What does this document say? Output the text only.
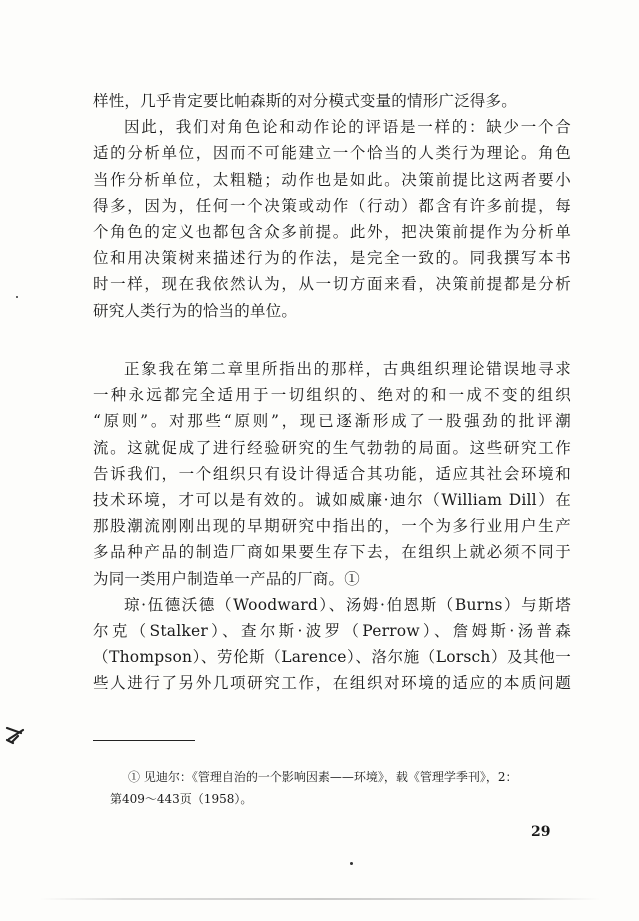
样性，几乎肯定要比帕森斯的对分模式变量的情形广泛得多。

因此，我们对角色论和动作论的评语是一样的：缺少一个合
适的分析单位，因而不可能建立一个恰当的人类行为理论。角色
当作分析单位，太粗糙；动作也是如此。决策前提比这两者要小
得多，因为，任何一个决策或动作（行动）都含有许多前提，每
个角色的定义也都包含众多前提。此外，把决策前提作为分析单
位和用决策树来描述行为的作法，是完全一致的。同我撰写本书
时一样，现在我依然认为，从一切方面来看，决策前提都是分析
研究人类行为的恰当的单位。

正象我在第二章里所指出的那样，古典组织理论错误地寻求
一种永远都完全适用于一切组织的、绝对的和一成不变的组织
“原则”。对那些“原则”，现已逐渐形成了一股强劲的批评潮
流。这就促成了进行经验研究的生气勃勃的局面。这些研究工作
告诉我们，一个组织只有设计得适合其功能，适应其社会环境和
技术环境，才可以是有效的。诚如威廉·迪尔（William Dill）在
那股潮流刚刚出现的早期研究中指出的，一个为多行业用户生产
多品种产品的制造厂商如果要生存下去，在组织上就必须不同于
为同一类用户制造单一产品的厂商。①

琼·伍德沃德（Woodward）、汤姆·伯恩斯（Burns）与斯塔
尔克（Stalker）、查尔斯·波罗（Perrow）、詹姆斯·汤普森
（Thompson）、劳伦斯（Larence）、洛尔施（Lorsch）及其他一
些人进行了另外几项研究工作，在组织对环境的适应的本质问题

① 见迪尔：《管理自治的一个影响因素——环境》，载《管理学季刊》，2：
第409～443页（1958）。
29
